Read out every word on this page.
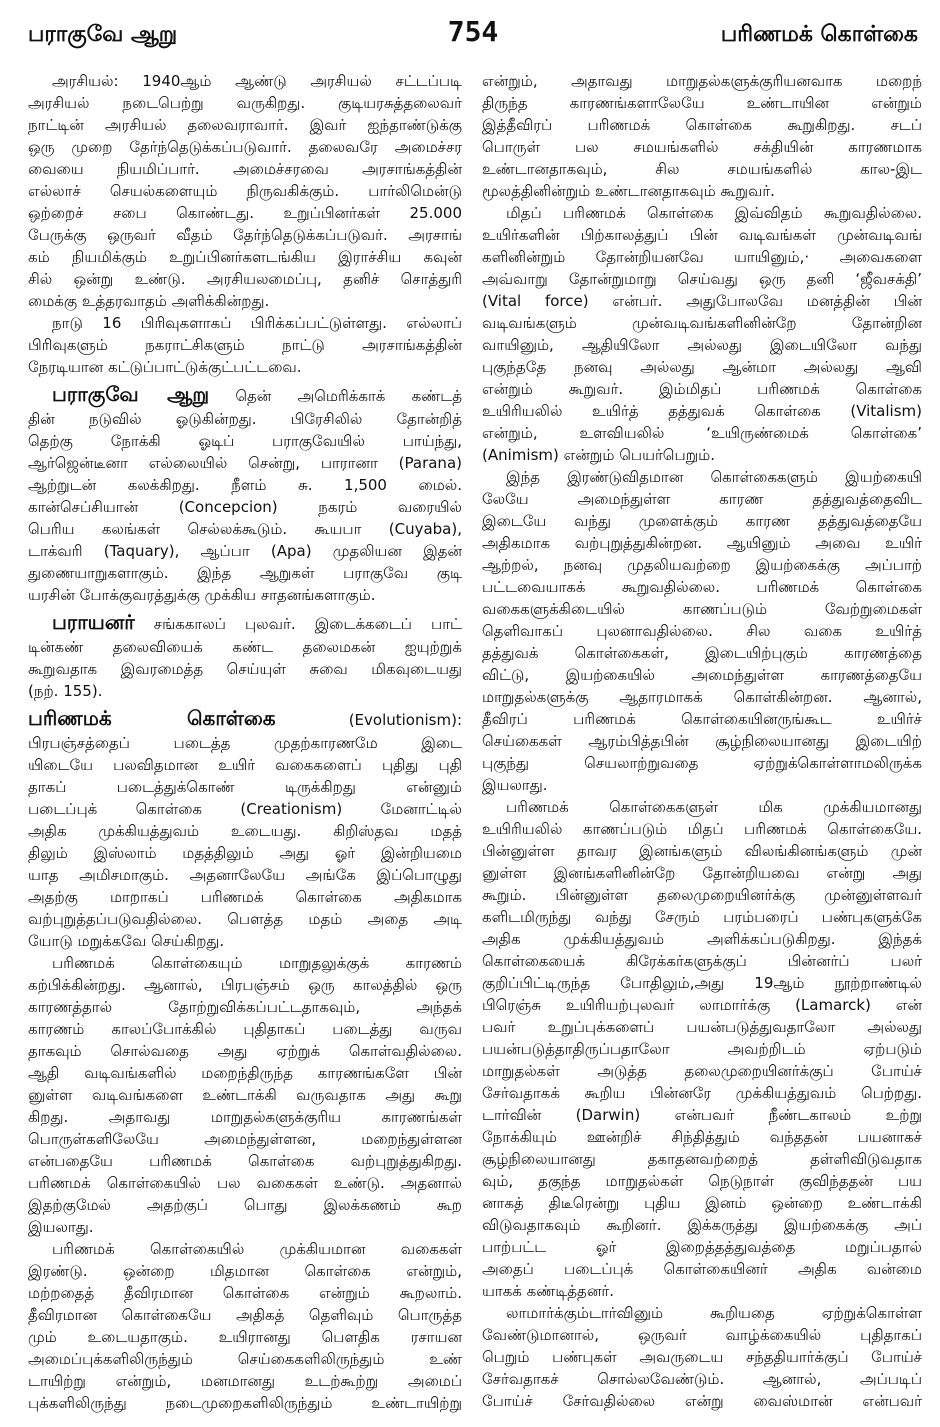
பராகுவே ஆறு	754	பரிணமக் கொள்கை
அரசியல்: 1940ஆம் ஆண்டு அரசியல் சட்டப்படி
அரசியல் நடைபெற்று வருகிறது. குடியரசுத்தலைவர்
நாட்டின் அரசியல் தலைவராவார். இவர் ஐந்தாண்டுக்கு
ஒரு முறை தேர்ந்தெடுக்கப்படுவார். தலைவரே அமைச்சர
வையை நியமிப்பார். அமைச்சரவை அரசாங்கத்தின்
எல்லாச் செயல்களையும் நிருவகிக்கும். பார்லிமென்டு
ஒற்றைச் சபை கொண்டது. உறுப்பினர்கள் 25.000
பேருக்கு ஒருவர் வீதம் தேர்ந்தெடுக்கப்படுவர். அரசாங்
கம் நியமிக்கும் உறுப்பினர்களடங்கிய இராச்சிய கவுன்
சில் ஒன்று உண்டு. அரசியலமைப்பு, தனிச் சொத்துரி
மைக்கு உத்தரவாதம் அளிக்கின்றது.
நாடு 16 பிரிவுகளாகப் பிரிக்கப்பட்டுள்ளது. எல்லாப்
பிரிவுகளும் நகராட்சிகளும் நாட்டு அரசாங்கத்தின்
நேரடியான கட்டுப்பாட்டுக்குட்பட்டவை.
பராகுவே ஆறு தென் அமெரிக்காக் கண்டத்
தின் நடுவில் ஓடுகின்றது. பிரேசிலில் தோன்றித்
தெற்கு நோக்கி ஓடிப் பராகுவேயில் பாய்ந்து,
ஆர்ஜென்டீனா எல்லையில் சென்று, பாரானா (Parana)
ஆற்றுடன் கலக்கிறது. நீளம் சு. 1,500 மைல்.
கான்செப்சியான் (Concepcion) நகரம் வரையில்
பெரிய கலங்கள் செல்லக்கூடும். கூயபா (Cuyaba),
டாக்வரி (Taquary), ஆப்பா (Apa) முதலியன இதன்
துணையாறுகளாகும். இந்த ஆறுகள் பராகுவே குடி
யரசின் போக்குவரத்துக்கு முக்கிய சாதனங்களாகும்.
பராயனர் சங்ககாலப் புலவர். இடைக்கடைப் பாட்
டின்கண் தலைவியைக் கண்ட தலைமகன் ஐயுற்றுக்
கூறுவதாக இவரமைத்த செய்யுள் சுவை மிகவுடையது
(நற். 155).
பரிணமக் கொள்கை	(Evolutionism):
பிரபஞ்சத்தைப் படைத்த முதற்காரணமே இடை
யிடையே பலவிதமான உயிர் வகைகளைப் புதிது புதி
தாகப் படைத்துக்கொண் டிருக்கிறது என்னும்
படைப்புக் கொள்கை (Creationism) மேனாட்டில்
அதிக முக்கியத்துவம் உடையது. கிறிஸ்தவ மதத்
திலும் இஸ்லாம் மதத்திலும் அது ஓர் இன்றியமை
யாத அமிசமாகும். அதனாலேயே அங்கே இப்பொழுது
அதற்கு மாறாகப் பரிணமக் கொள்கை அதிகமாக
வற்புறுத்தப்படுவதில்லை. பௌத்த மதம் அதை அடி
யோடு மறுக்கவே செய்கிறது.
பரிணமக் கொள்கையும் மாறுதலுக்குக் காரணம்
கற்பிக்கின்றது. ஆனால், பிரபஞ்சம் ஒரு காலத்தில் ஒரு
காரணத்தால் தோற்றுவிக்கப்பட்டதாகவும், அந்தக்
காரணம் காலப்போக்கில் புதிதாகப் படைத்து வருவ
தாகவும் சொல்வதை அது ஏற்றுக் கொள்வதில்லை.
ஆதி வடிவங்களில் மறைந்திருந்த காரணங்களே பின்
னுள்ள வடிவங்களை உண்டாக்கி வருவதாக அது கூறு
கிறது. அதாவது மாறுதல்களுக்குரிய காரணங்கள்
பொருள்களிலேயே அமைந்துள்ளன, மறைந்துள்ளன
என்பதையே பரிணமக் கொள்கை வற்புறுத்துகிறது.
பரிணமக் கொள்கையில் பல வகைகள் உண்டு. அதனால்
இதற்குமேல் அதற்குப் பொது இலக்கணம் கூற
இயலாது.
பரிணமக் கொள்கையில் முக்கியமான வகைகள்
இரண்டு. ஒன்றை மிதமான கொள்கை என்றும்,
மற்றதைத் தீவிரமான கொள்கை என்றும் கூறலாம்.
தீவிரமான கொள்கையே அதிகத் தெளிவும் பொருத்த
மும் உடையதாகும். உயிரானது பௌதிக ரசாயன
அமைப்புக்களிலிருந்தும் செய்கைகளிலிருந்தும் உண்
டாயிற்று என்றும், மனமானது உடற்கூற்று அமைப்
புக்களிலிருந்து நடைமுறைகளிலிருந்தும் உண்டாயிற்று
என்றும், அதாவது மாறுதல்களுக்குரியனவாக மறைந்
திருந்த காரணங்களாலேயே உண்டாயின என்றும்
இத்தீவிரப் பரிணமக் கொள்கை கூறுகிறது. சடப்
பொருள் பல சமயங்களில் சக்தியின் காரணமாக
உண்டானதாகவும், சில சமயங்களில் கால-இட
மூலத்தினின்றும் உண்டானதாகவும் கூறுவர்.
மிதப் பரிணமக் கொள்கை இவ்விதம் கூறுவதில்லை.
உயிர்களின் பிற்காலத்துப் பின் வடிவங்கள் முன்வடிவங்
களினின்றும் தோன்றியனவே யாயினும்,· அவைகளை
அவ்வாறு தோன்றுமாறு செய்வது ஒரு தனி ‘ஜீவசக்தி’
(Vital force) என்பர். அதுபோலவே மனத்தின் பின்
வடிவங்களும் முன்வடிவங்களினின்றே தோன்றின
வாயினும், ஆதியிலோ அல்லது இடையிலோ வந்து
புகுந்ததே நனவு அல்லது ஆன்மா அல்லது ஆவி
என்றும் கூறுவர். இம்மிதப் பரிணமக் கொள்கை
உயிரியலில் உயிர்த் தத்துவக் கொள்கை (Vitalism)
என்றும், உளவியலில் ‘உயிருண்மைக் கொள்கை’
(Animism) என்றும் பெயர்பெறும்.
இந்த இரண்டுவிதமான கொள்கைகளும் இயற்கையி
லேயே அமைந்துள்ள காரண தத்துவத்தைவிட
இடையே வந்து முளைக்கும் காரண தத்துவத்தையே
அதிகமாக வற்புறுத்துகின்றன. ஆயினும் அவை உயிர்
ஆற்றல், நனவு முதலியவற்றை இயற்கைக்கு அப்பாற்
பட்டவையாகக் கூறுவதில்லை. பரிணமக் கொள்கை
வகைகளுக்கிடையில் காணப்படும் வேற்றுமைகள்
தெளிவாகப் புலனாவதில்லை. சில வகை உயிர்த்
தத்துவக் கொள்கைகள், இடையிற்புகும் காரணத்தை
விட்டு, இயற்கையில் அமைந்துள்ள காரணத்தையே
மாறுதல்களுக்கு ஆதாரமாகக் கொள்கின்றன. ஆனால்,
தீவிரப் பரிணமக் கொள்கையினருங்கூட உயிர்ச்
செய்கைகள் ஆரம்பித்தபின் சூழ்நிலையானது இடையிற்
புகுந்து செயலாற்றுவதை ஏற்றுக்கொள்ளாமலிருக்க
இயலாது.
பரிணமக் கொள்கைகளுள் மிக முக்கியமானது
உயிரியலில் காணப்படும் மிதப் பரிணமக் கொள்கையே.
பின்னுள்ள தாவர இனங்களும் விலங்கினங்களும் முன்
னுள்ள இனங்களினின்றே தோன்றியவை என்று அது
கூறும். பின்னுள்ள தலைமுறையினர்க்கு முன்னுள்ளவர்
களிடமிருந்து வந்து சேரும் பரம்பரைப் பண்புகளுக்கே
அதிக முக்கியத்துவம் அளிக்கப்படுகிறது. இந்தக்
கொள்கையைக் கிரேக்கர்களுக்குப் பின்னர்ப் பலர்
குறிப்பிட்டிருந்த போதிலும்,அது 19ஆம் நூற்றாண்டில்
பிரெஞ்சு உயிரியற்புலவர் லாமார்க்கு (Lamarck) என்
பவர் உறுப்புக்களைப் பயன்படுத்துவதாலோ அல்லது
பயன்படுத்தாதிருப்பதாலோ அவற்றிடம் ஏற்படும்
மாறுதல்கள் அடுத்த தலைமுறையினர்க்குப் போய்ச்
சேர்வதாகக் கூறிய பின்னரே முக்கியத்துவம் பெற்றது.
டார்வின் (Darwin) என்பவர் நீண்டகாலம் உற்று
நோக்கியும் ஊன்றிச் சிந்தித்தும் வந்ததன் பயனாகச்
சூழ்நிலையானது தகாதனவற்றைத் தள்ளிவிடுவதாக
வும், தகுந்த மாறுதல்கள் நெடுநாள் குவிந்ததன் பய
னாகத் திடீரென்று புதிய இனம் ஒன்றை உண்டாக்கி
விடுவதாகவும் கூறினர். இக்கருத்து இயற்கைக்கு அப்
பாற்பட்ட ஓர் இறைத்தத்துவத்தை மறுப்பதால்
அதைப் படைப்புக் கொள்கையினர் அதிக வன்மை
யாகக் கண்டித்தனர்.
லாமார்க்கும்டார்வினும் கூறியதை ஏற்றுக்கொள்ள
வேண்டுமானால், ஒருவர் வாழ்க்கையில் புதிதாகப்
பெறும் பண்புகள் அவருடைய சந்ததியார்க்குப் போய்ச்
சேர்வதாகச் சொல்லவேண்டும். ஆனால், அப்படிப்
போய்ச் சேர்வதில்லை என்று வைஸ்மான் என்பவர்
